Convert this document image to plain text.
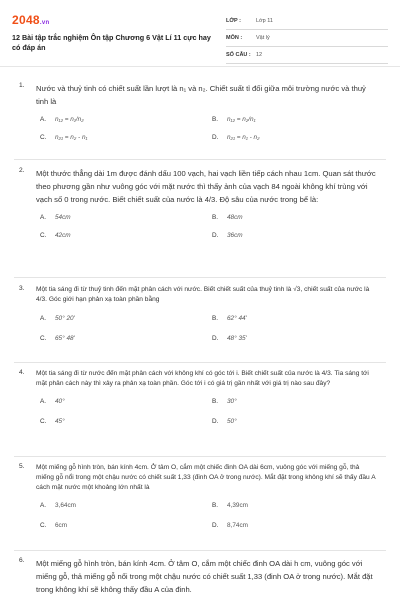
2048.vn
12 Bài tập trắc nghiệm Ôn tập Chương 6 Vật Lí 11 cực hay có đáp án
LỚP :	Lớp 11
MÔN :	Vật lý
SỐ CÂU : 12
1. Nước và thuỷ tinh có chiết suất lần lượt là n₁ và n₂. Chiết suất tỉ đối giữa môi trường nước và thuỷ tinh là
A.	n₁₂ = n₁/n₂	B.	n₁₂ = n₂/n₁
C.	n₂₁ = n₂ - n₁	D.	n₂₁ = n₁ - n₂
2. Một thước thẳng dài 1m được đánh dấu 100 vạch, hai vạch liền tiếp cách nhau 1cm. Quan sát thước theo phương gần như vuông góc với mặt nước thì thấy ảnh của vạch 84 ngoài không khí trùng với vạch số 0 trong nước. Biết chiết suất của nước là 4/3. Độ sâu của nước trong bể là:
A.	54cm	B.	48cm
C.	42cm	D.	36cm
3. Một tia sáng đi từ thuỷ tinh đến mặt phân cách với nước. Biết chiết suất của thuỷ tinh là √3, chiết suất của nước là 4/3. Góc giới hạn phản xạ toàn phần bằng
A.	50° 20'	B.	62° 44'
C.	65° 48'	D.	48° 35'
4. Một tia sáng đi từ nước đến mặt phân cách với không khí có góc tới i. Biết chiết suất của nước là 4/3. Tia sáng tới mặt phân cách này thì xảy ra phản xạ toàn phần. Góc tới i có giá trị gần nhất với giá trị nào sau đây?
A.	40°	B.	30°
C.	45°	D.	50°
5. Một miếng gỗ hình tròn, bán kính 4cm. Ở tâm O, cắm một chiếc đinh OA dài 6cm, vuông góc với miếng gỗ, thả miếng gỗ nổi trong một chậu nước có chiết suất 1,33 (đinh OA ở trong nước). Mắt đặt trong không khí sẽ thấy đầu A cách mặt nước một khoảng lớn nhất là
A.	3,64cm	B.	4,39cm
C.	6cm	D.	8,74cm
6. Một miếng gỗ hình tròn, bán kính 4cm. Ở tâm O, cắm một chiếc đinh OA dài h cm, vuông góc với miếng gỗ, thả miếng gỗ nổi trong một chậu nước có chiết suất 1,33 (đinh OA ở trong nước). Mắt đặt trong không khí sẽ không thấy đầu A của đinh.
